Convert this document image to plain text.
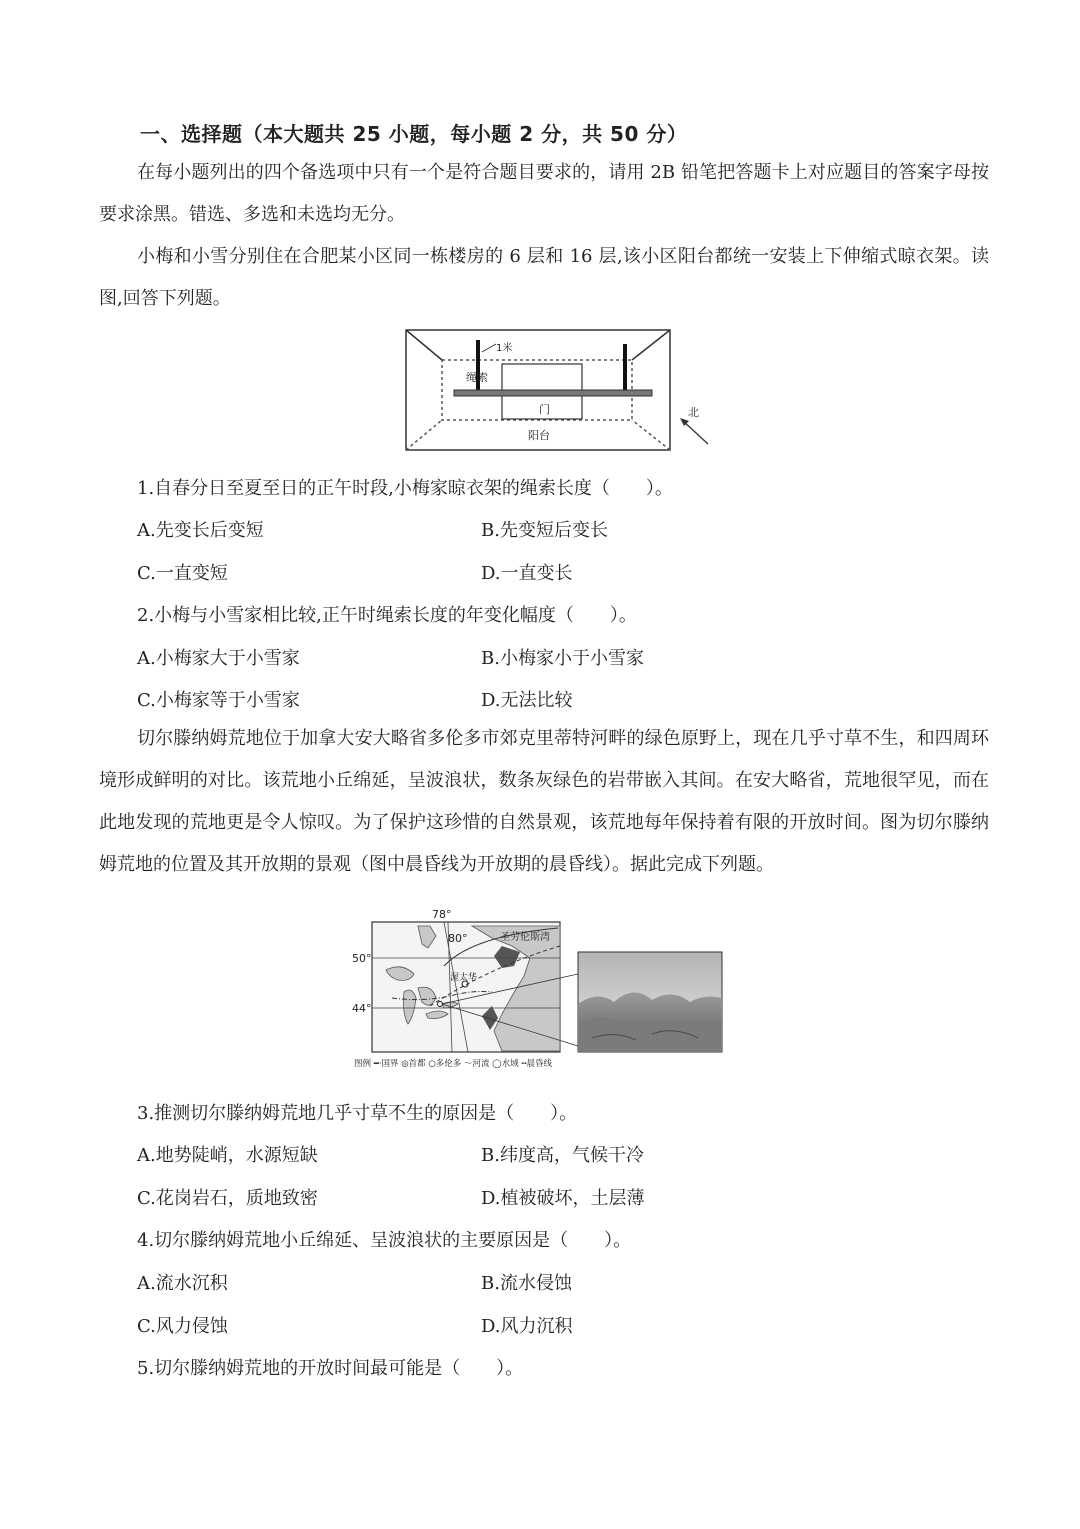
一、选择题（本大题共 25 小题，每小题 2 分，共 50 分）

在每小题列出的四个备选项中只有一个是符合题目要求的，请用 2B 铅笔把答题卡上对应题目的答案字母按要求涂黑。错选、多选和未选均无分。

小梅和小雪分别住在合肥某小区同一栋楼房的 6 层和 16 层,该小区阳台都统一安装上下伸缩式晾衣架。读图,回答下列题。

1米
绳索
门
阳台
北
1.自春分日至夏至日的正午时段,小梅家晾衣架的绳索长度（　　）。
A.先变长后变短	B.先变短后变长
C.一直变短	D.一直变长
2.小梅与小雪家相比较,正午时绳索长度的年变化幅度（　　）。
A.小梅家大于小雪家	B.小梅家小于小雪家
C.小梅家等于小雪家	D.无法比较

切尔滕纳姆荒地位于加拿大安大略省多伦多市郊克里蒂特河畔的绿色原野上，现在几乎寸草不生，和四周环境形成鲜明的对比。该荒地小丘绵延，呈波浪状，数条灰绿色的岩带嵌入其间。在安大略省，荒地很罕见，而在此地发现的荒地更是令人惊叹。为了保护这珍惜的自然景观，该荒地每年保持着有限的开放时间。图为切尔滕纳姆荒地的位置及其开放期的景观（图中晨昏线为开放期的晨昏线）。据此完成下列题。

78°
80°
50°
44°
圣劳伦斯湾
渥太华
图例 ━·国界 ◎首都 ○多伦多 ～河流 ◯水域 ┅晨昏线
3.推测切尔滕纳姆荒地几乎寸草不生的原因是（　　）。
A.地势陡峭，水源短缺	B.纬度高，气候干冷
C.花岗岩石，质地致密	D.植被破坏，土层薄
4.切尔滕纳姆荒地小丘绵延、呈波浪状的主要原因是（　　）。
A.流水沉积	B.流水侵蚀
C.风力侵蚀	D.风力沉积
5.切尔滕纳姆荒地的开放时间最可能是（　　）。
